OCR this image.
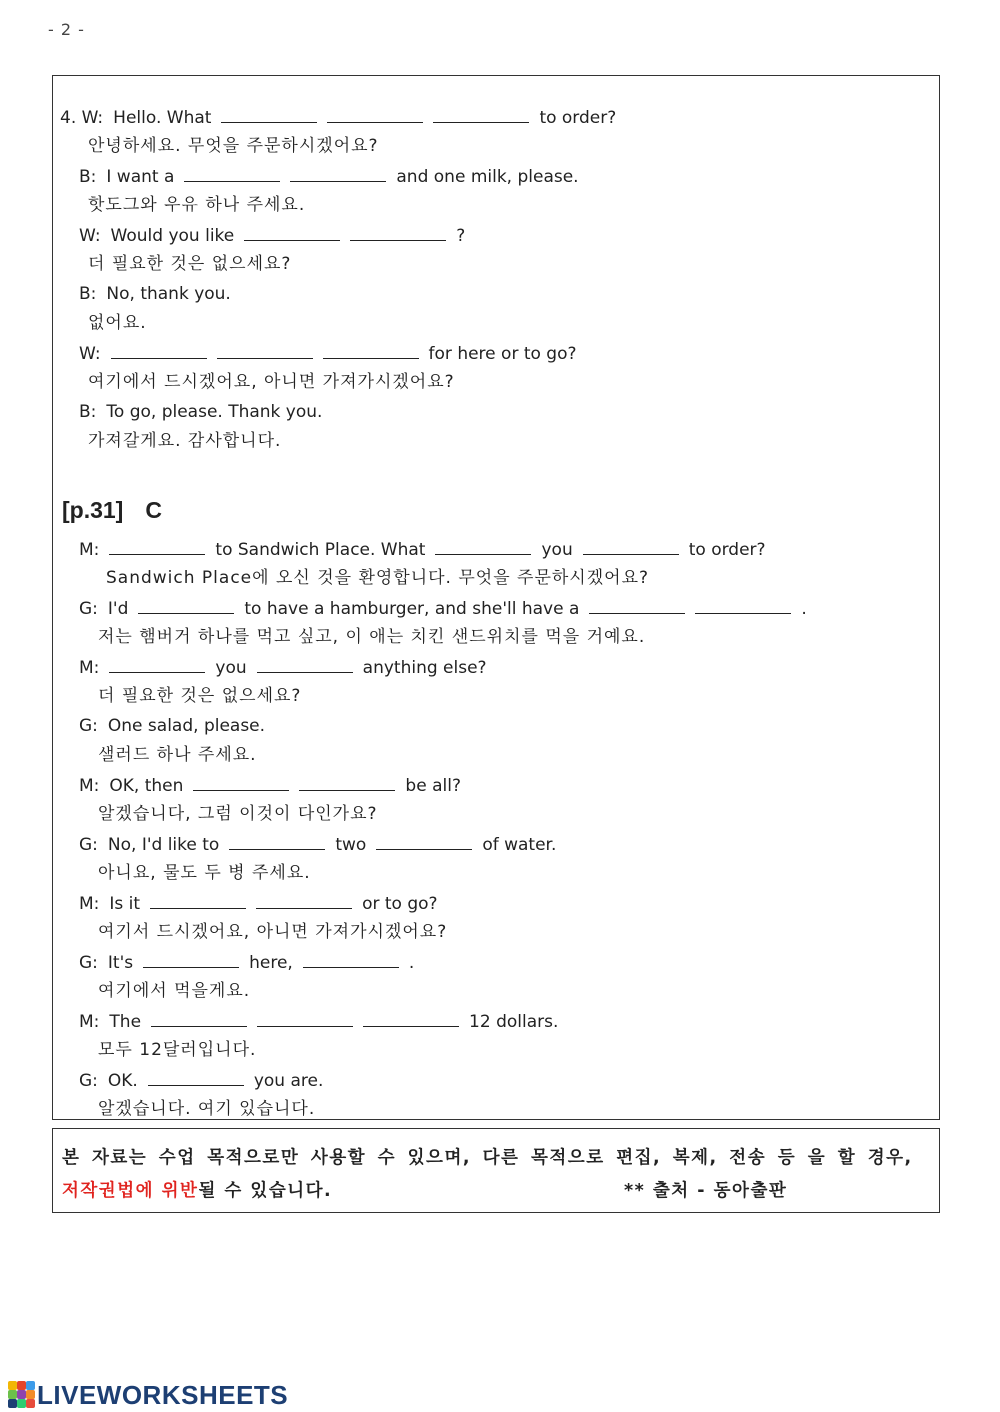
- 2 -
4. W: Hello. What	to order?
안녕하세요. 무엇을 주문하시겠어요?
B: I want a	and one milk, please.
핫도그와 우유 하나 주세요.
W: Would you like	?
더 필요한 것은 없으세요?
B: No, thank you.
없어요.
W:	for here or to go?
여기에서 드시겠어요, 아니면 가져가시겠어요?
B: To go, please. Thank you.
가져갈게요. 감사합니다.
[p.31] C
M:	to Sandwich Place. What	you	to order?
Sandwich Place에 오신 것을 환영합니다. 무엇을 주문하시겠어요?
G: I'd	to have a hamburger, and she'll have a	.
저는 햄버거 하나를 먹고 싶고, 이 애는 치킨 샌드위치를 먹을 거예요.
M:	you	anything else?
더 필요한 것은 없으세요?
G: One salad, please.
샐러드 하나 주세요.
M: OK, then	be all?
알겠습니다, 그럼 이것이 다인가요?
G: No, I'd like to	two	of water.
아니요, 물도 두 병 주세요.
M: Is it	or to go?
여기서 드시겠어요, 아니면 가져가시겠어요?
G: It's	here,	.
여기에서 먹을게요.
M: The	12 dollars.
모두 12달러입니다.
G: OK.	you are.
알겠습니다. 여기 있습니다.
본 자료는 수업 목적으로만 사용할 수 있으며, 다른 목적으로 편집, 복제, 전송 등 을 할 경우,
저작권법에 위반될 수 있습니다.	** 출처 - 동아출판
LIVEWORKSHEETS
